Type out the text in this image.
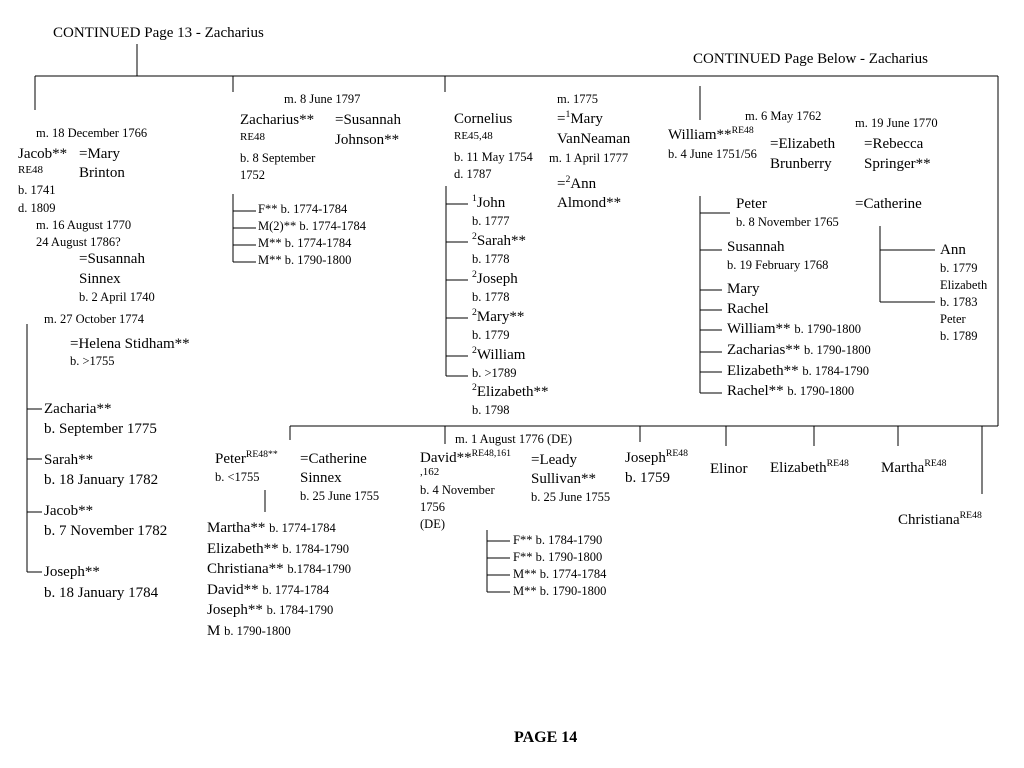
CONTINUED Page 13 - Zacharius
CONTINUED Page Below - Zacharius
m. 18 December 1766
Jacob**
RE48
b. 1741
d. 1809
=Mary
Brinton
m. 16 August 1770
24 August 1786?
=Susannah
Sinnex
b. 2 April 1740
m. 27 October 1774
=Helena Stidham**
b. >1755
Zacharia**
b. September 1775
Sarah**
b. 18 January 1782
Jacob**
b. 7 November 1782
Joseph**
b. 18 January 1784
m. 8 June 1797
Zacharius**
RE48
b. 8 September
1752
=Susannah
Johnson**
F** b. 1774-1784
M(2)** b. 1774-1784
M** b. 1774-1784
M** b. 1790-1800
Cornelius
RE45,48
b. 11 May 1754
d. 1787
m. 1775
=$^1$Mary
VanNeaman
m. 1 April 1777
=$^2$Ann
Almond**
$^1$John
b. 1777
$^2$Sarah**
b. 1778
$^2$Joseph
b. 1778
$^2$Mary**
b. 1779
$^2$William
b. >1789
$^2$Elizabeth**
b. 1798
William**$^{RE48}$
b. 4 June 1751/56
m. 6 May 1762
=Elizabeth
Brunberry
m. 19 June 1770
=Rebecca
Springer**
Peter
b. 8 November 1765
=Catherine
Ann
b. 1779
Elizabeth
b. 1783
Peter
b. 1789
Susannah
b. 19 February 1768
Mary
Rachel
William** b. 1790-1800
Zacharias** b. 1790-1800
Elizabeth** b. 1784-1790
Rachel** b. 1790-1800
Peter$^{RE48**}$
b. <1755
=Catherine
Sinnex
b. 25 June 1755
Martha** b. 1774-1784
Elizabeth** b. 1784-1790
Christiana** b.1784-1790
David** b. 1774-1784
Joseph** b. 1784-1790
M b. 1790-1800
m. 1 August 1776 (DE)
David**$^{RE48,161}$
,162
b. 4 November
1756
(DE)
=Leady
Sullivan**
b. 25 June 1755
F** b. 1784-1790
F** b. 1790-1800
M** b. 1774-1784
M** b. 1790-1800
Joseph$^{RE48}$
b. 1759
Elinor Elizabeth$^{RE48}$ Martha$^{RE48}$
Christiana$^{RE48}$
PAGE 14
